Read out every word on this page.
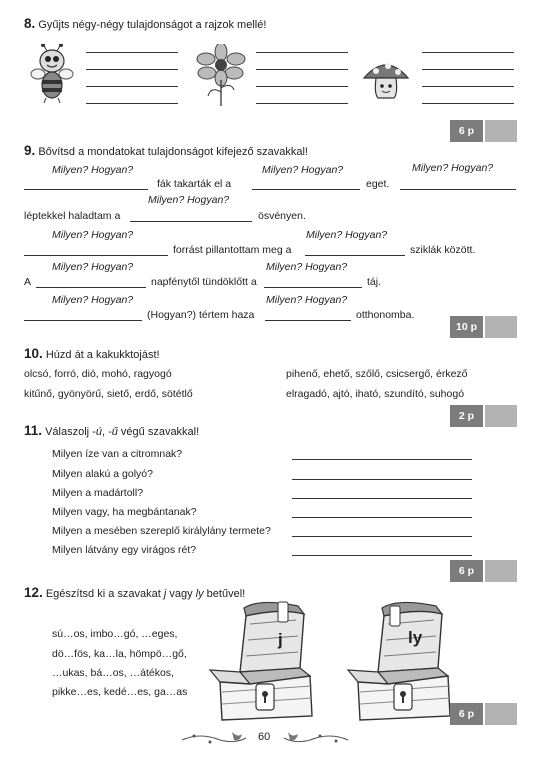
8. Gyűjts négy-négy tulajdonságot a rajzok mellé!
6 p
9. Bővítsd a mondatokat tulajdonságot kifejező szavakkal!
Milyen? Hogyan?	Milyen? Hogyan?	Milyen? Hogyan?
fák takarták el a	eget.
Milyen? Hogyan?
léptekkel haladtam a	ösvényen.
Milyen? Hogyan?	Milyen? Hogyan?
forrást pillantottam meg a	sziklák között.
Milyen? Hogyan?	Milyen? Hogyan?
A	napfénytől tündöklőtt a	táj.
Milyen? Hogyan?	Milyen? Hogyan?
(Hogyan?) tértem haza	otthonomba.
10 p
10. Húzd át a kakukktojást!
olcsó, forró, dió, mohó, ragyogó	pihenő, ehető, szőlő, csicsergő, érkező
kitűnő, gyönyörű, siető, erdő, sötétlő	elragadó, ajtó, iható, szundító, suhogó
2 p
11. Válaszolj -ú, -ű végű szavakkal!
Milyen íze van a citromnak?
Milyen alakú a golyó?
Milyen a madártoll?
Milyen vagy, ha megbántanak?
Milyen a mesében szereplő királylány termete?
Milyen látvány egy virágos rét?
6 p
12. Egészítsd ki a szavakat j vagy ly betűvel!
sú…os, imbo…gó, …eges,
dö…fös, ka…la, hömpö…gő,
…ukas, bá…os, …átékos,
pikke…es, kedé…es, ga…as
j	ly
6 p
60
